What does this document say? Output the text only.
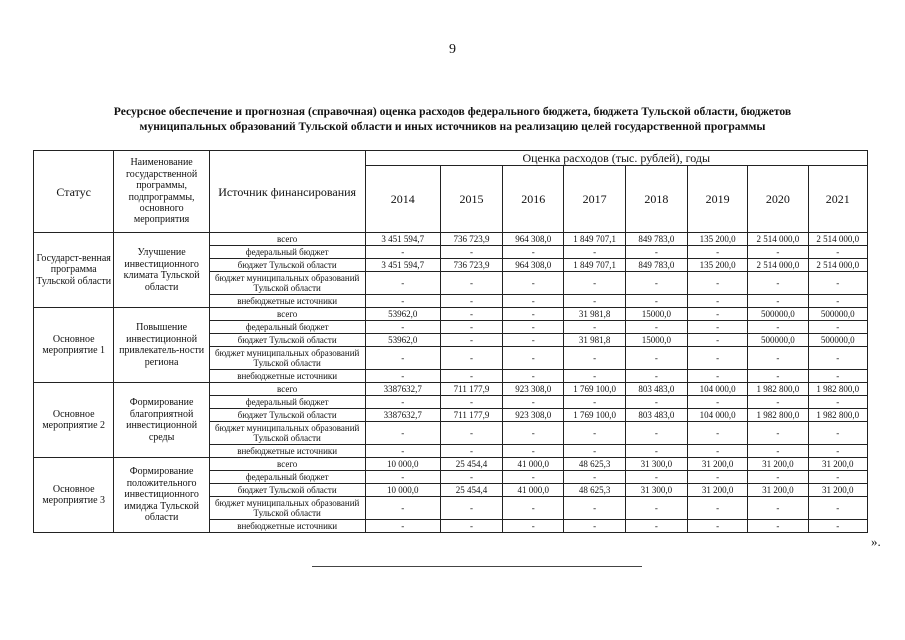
9
Ресурсное обеспечение и прогнозная (справочная) оценка расходов федерального бюджета, бюджета Тульской области, бюджетов
муниципальных образований Тульской области и иных источников на реализацию целей государственной программы
Статус	Наименование государственной программы, подпрограммы, основного мероприятия	Источник финансирования	Оценка расходов (тыс. рублей), годы							
			2014	2015	2016	2017	2018	2019	2020	2021
Государст-венная программа Тульской области	Улучшение инвестиционного климата Тульской области	всего	3 451 594,7	736 723,9	964 308,0	1 849 707,1	849 783,0	135 200,0	2 514 000,0	2 514 000,0
		федеральный бюджет	-	-	-	-	-	-	-	-
		бюджет Тульской области	3 451 594,7	736 723,9	964 308,0	1 849 707,1	849 783,0	135 200,0	2 514 000,0	2 514 000,0
		бюджет муниципальных образований Тульской области	-	-	-	-	-	-	-	-
		внебюджетные источники	-	-	-	-	-	-	-	-
Основное мероприятие 1	Повышение инвестиционной привлекатель-ности региона	всего	53962,0	-	-	31 981,8	15000,0	-	500000,0	500000,0
		федеральный бюджет	-	-	-	-	-	-	-	-
		бюджет Тульской области	53962,0	-	-	31 981,8	15000,0	-	500000,0	500000,0
		бюджет муниципальных образований Тульской области	-	-	-	-	-	-	-	-
		внебюджетные источники	-	-	-	-	-	-	-	-
Основное мероприятие 2	Формирование благоприятной инвестиционной среды	всего	3387632,7	711 177,9	923 308,0	1 769 100,0	803 483,0	104 000,0	1 982 800,0	1 982 800,0
		федеральный бюджет	-	-	-	-	-	-	-	-
		бюджет Тульской области	3387632,7	711 177,9	923 308,0	1 769 100,0	803 483,0	104 000,0	1 982 800,0	1 982 800,0
		бюджет муниципальных образований Тульской области	-	-	-	-	-	-	-	-
		внебюджетные источники	-	-	-	-	-	-	-	-
Основное мероприятие 3	Формирование положительного инвестиционного имиджа Тульской области	всего	10 000,0	25 454,4	41 000,0	48 625,3	31 300,0	31 200,0	31 200,0	31 200,0
		федеральный бюджет	-	-	-	-	-	-	-	-
		бюджет Тульской области	10 000,0	25 454,4	41 000,0	48 625,3	31 300,0	31 200,0	31 200,0	31 200,0
		бюджет муниципальных образований Тульской области	-	-	-	-	-	-	-	-
		внебюджетные источники	-	-	-	-	-	-	-	-
».
